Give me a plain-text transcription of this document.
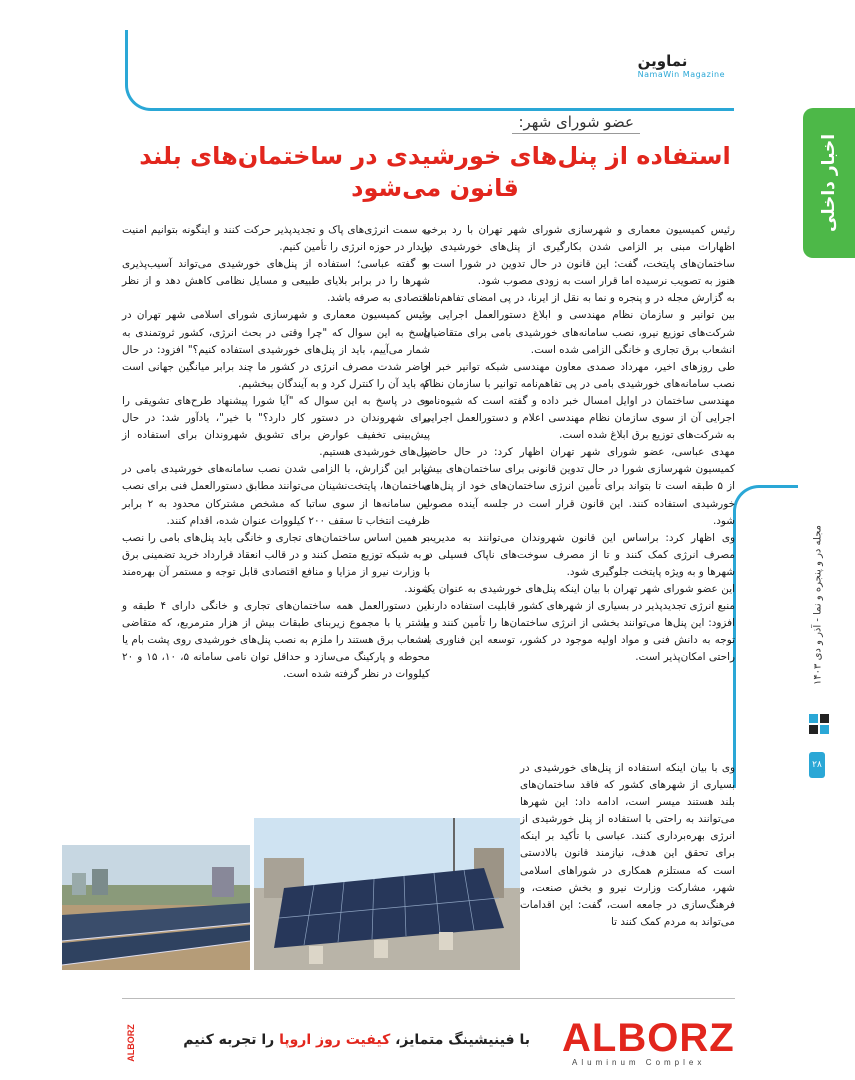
نماوین
NamaWin Magazine
اخبار داخلی
مجله در و پنجره و نما - آذر و دی ۱۴۰۳
۲۸
عضو شورای شهر:
استفاده از پنل‌های خورشیدی در ساختمان‌های بلند قانون می‌شود

رئیس کمیسیون معماری و شهرسازی شورای شهر تهران با رد برخی اظهارات مبنی بر الزامی شدن بکارگیری از پنل‌های خورشیدی در ساختمان‌های پایتخت، گفت: این قانون در حال تدوین در شورا است و هنوز به تصویب نرسیده اما قرار است به زودی مصوب شود.

به گزارش مجله در و پنجره و نما به نقل از ایرنا، در پی امضای تفاهم‌نامه بین توانیر و سازمان نظام مهندسی و ابلاغ دستورالعمل اجرایی به شرکت‌های توزیع نیرو، نصب سامانه‌های خورشیدی بامی برای متقاضیان انشعاب برق تجاری و خانگی الزامی شده است.

طی روزهای اخیر، مهرداد صمدی معاون مهندسی شبکه توانیر خبر از نصب سامانه‌های خورشیدی بامی در پی تفاهم‌نامه توانیر با سازمان نظام مهندسی ساختمان در اوایل امسال خبر داده و گفته است که شیوه‌نامه اجرایی آن از سوی سازمان نظام مهندسی اعلام و دستورالعمل اجرایی به شرکت‌های توزیع برق ابلاغ شده است.

مهدی عباسی، عضو شورای شهر تهران اظهار کرد: در حال حاضر کمیسیون شهرسازی شورا در حال تدوین قانونی برای ساختمان‌های بیش از ۵ طبقه است تا بتواند برای تأمین انرژی ساختمان‌های خود از پنل‌های خورشیدی استفاده کنند. این قانون قرار است در جلسه آینده مصوب شود.

وی اظهار کرد: براساس این قانون شهروندان می‌توانند به مدیریت مصرف انرژی کمک کنند و تا از مصرف سوخت‌های ناپاک فسیلی در شهرها و به ویژه پایتخت جلوگیری شود.

این عضو شورای شهر تهران با بیان اینکه پنل‌های خورشیدی به عنوان یک منبع انرژی تجدیدپذیر در بسیاری از شهرهای کشور قابلیت استفاده دارند، افزود: این پنل‌ها می‌توانند بخشی از انرژی ساختمان‌ها را تأمین کنند و با توجه به دانش فنی و مواد اولیه موجود در کشور، توسعه این فناوری به راحتی امکان‌پذیر است.

وی با بیان اینکه استفاده از پنل‌های خورشیدی در بسیاری از شهرهای کشور که فاقد ساختمان‌های بلند هستند میسر است، ادامه داد: این شهرها می‌توانند به راحتی با استفاده از پنل خورشیدی از انرژی بهره‌برداری کنند. عباسی با تأکید بر اینکه برای تحقق این هدف، نیازمند قانون بالادستی است که مستلزم همکاری در شوراهای اسلامی شهر، مشارکت وزارت نیرو و بخش صنعت، و فرهنگ‌سازی در جامعه است، گفت: این اقدامات می‌تواند به مردم کمک کنند تا

به سمت انرژی‌های پاک و تجدیدپذیر حرکت کنند و اینگونه بتوانیم امنیت پایدار در حوزه انرژی را تأمین کنیم.

به گفته عباسی؛ استفاده از پنل‌های خورشیدی می‌تواند آسیب‌پذیری شهرها را در برابر بلایای طبیعی و مسایل نظامی کاهش دهد و از نظر اقتصادی به صرفه باشد.

رئیس کمیسیون معماری و شهرسازی شورای اسلامی شهر تهران در پاسخ به این سوال که "چرا وقتی در بحث انرژی، کشور ثروتمندی به شمار می‌آییم، باید از پنل‌های خورشیدی استفاده کنیم؟" افزود: در حال حاضر شدت مصرف انرژی در کشور ما چند برابر میانگین جهانی است که باید آن را کنترل کرد و به آیندگان ببخشیم.

وی در پاسخ به این سوال که "آیا شورا پیشنهاد طرح‌های تشویقی را برای شهروندان در دستور کار دارد؟" با خیر"، یادآور شد: در حال پیش‌بینی تخفیف عوارض برای تشویق شهروندان برای استفاده از پنل‌های خورشیدی هستیم.

بنابر این گزارش، با الزامی شدن نصب سامانه‌های خورشیدی بامی در ساختمان‌ها، پایتخت‌نشینان می‌توانند مطابق دستورالعمل فنی برای نصب این سامانه‌ها از سوی ساتبا که مشخص مشترکان محدود به ۲ برابر ظرفیت انتخاب تا سقف ۲۰۰ کیلووات عنوان شده، اقدام کنند.

بر همین اساس ساختمان‌های تجاری و خانگی باید پنل‌های بامی را نصب و به شبکه توزیع متصل کنند و در قالب انعقاد قرارداد خرید تضمینی برق با وزارت نیرو از مزایا و منافع اقتصادی قابل توجه و مستمر آن بهره‌مند شوند.

این دستورالعمل همه ساختمان‌های تجاری و خانگی دارای ۴ طبقه و بیشتر یا با مجموع زیربنای طبقات بیش از هزار مترمربع، که متقاضی انشعاب برق هستند را ملزم به نصب پنل‌های خورشیدی روی پشت بام یا محوطه و پارکینگ می‌سازد و حداقل توان نامی سامانه ۵، ۱۰، ۱۵ و ۲۰ کیلووات در نظر گرفته شده است.

ALBORZ
Aluminum Complex
با فینیشینگ متمایز، کیفیت روز اروپا را تجربه کنیم
ALBORZ
